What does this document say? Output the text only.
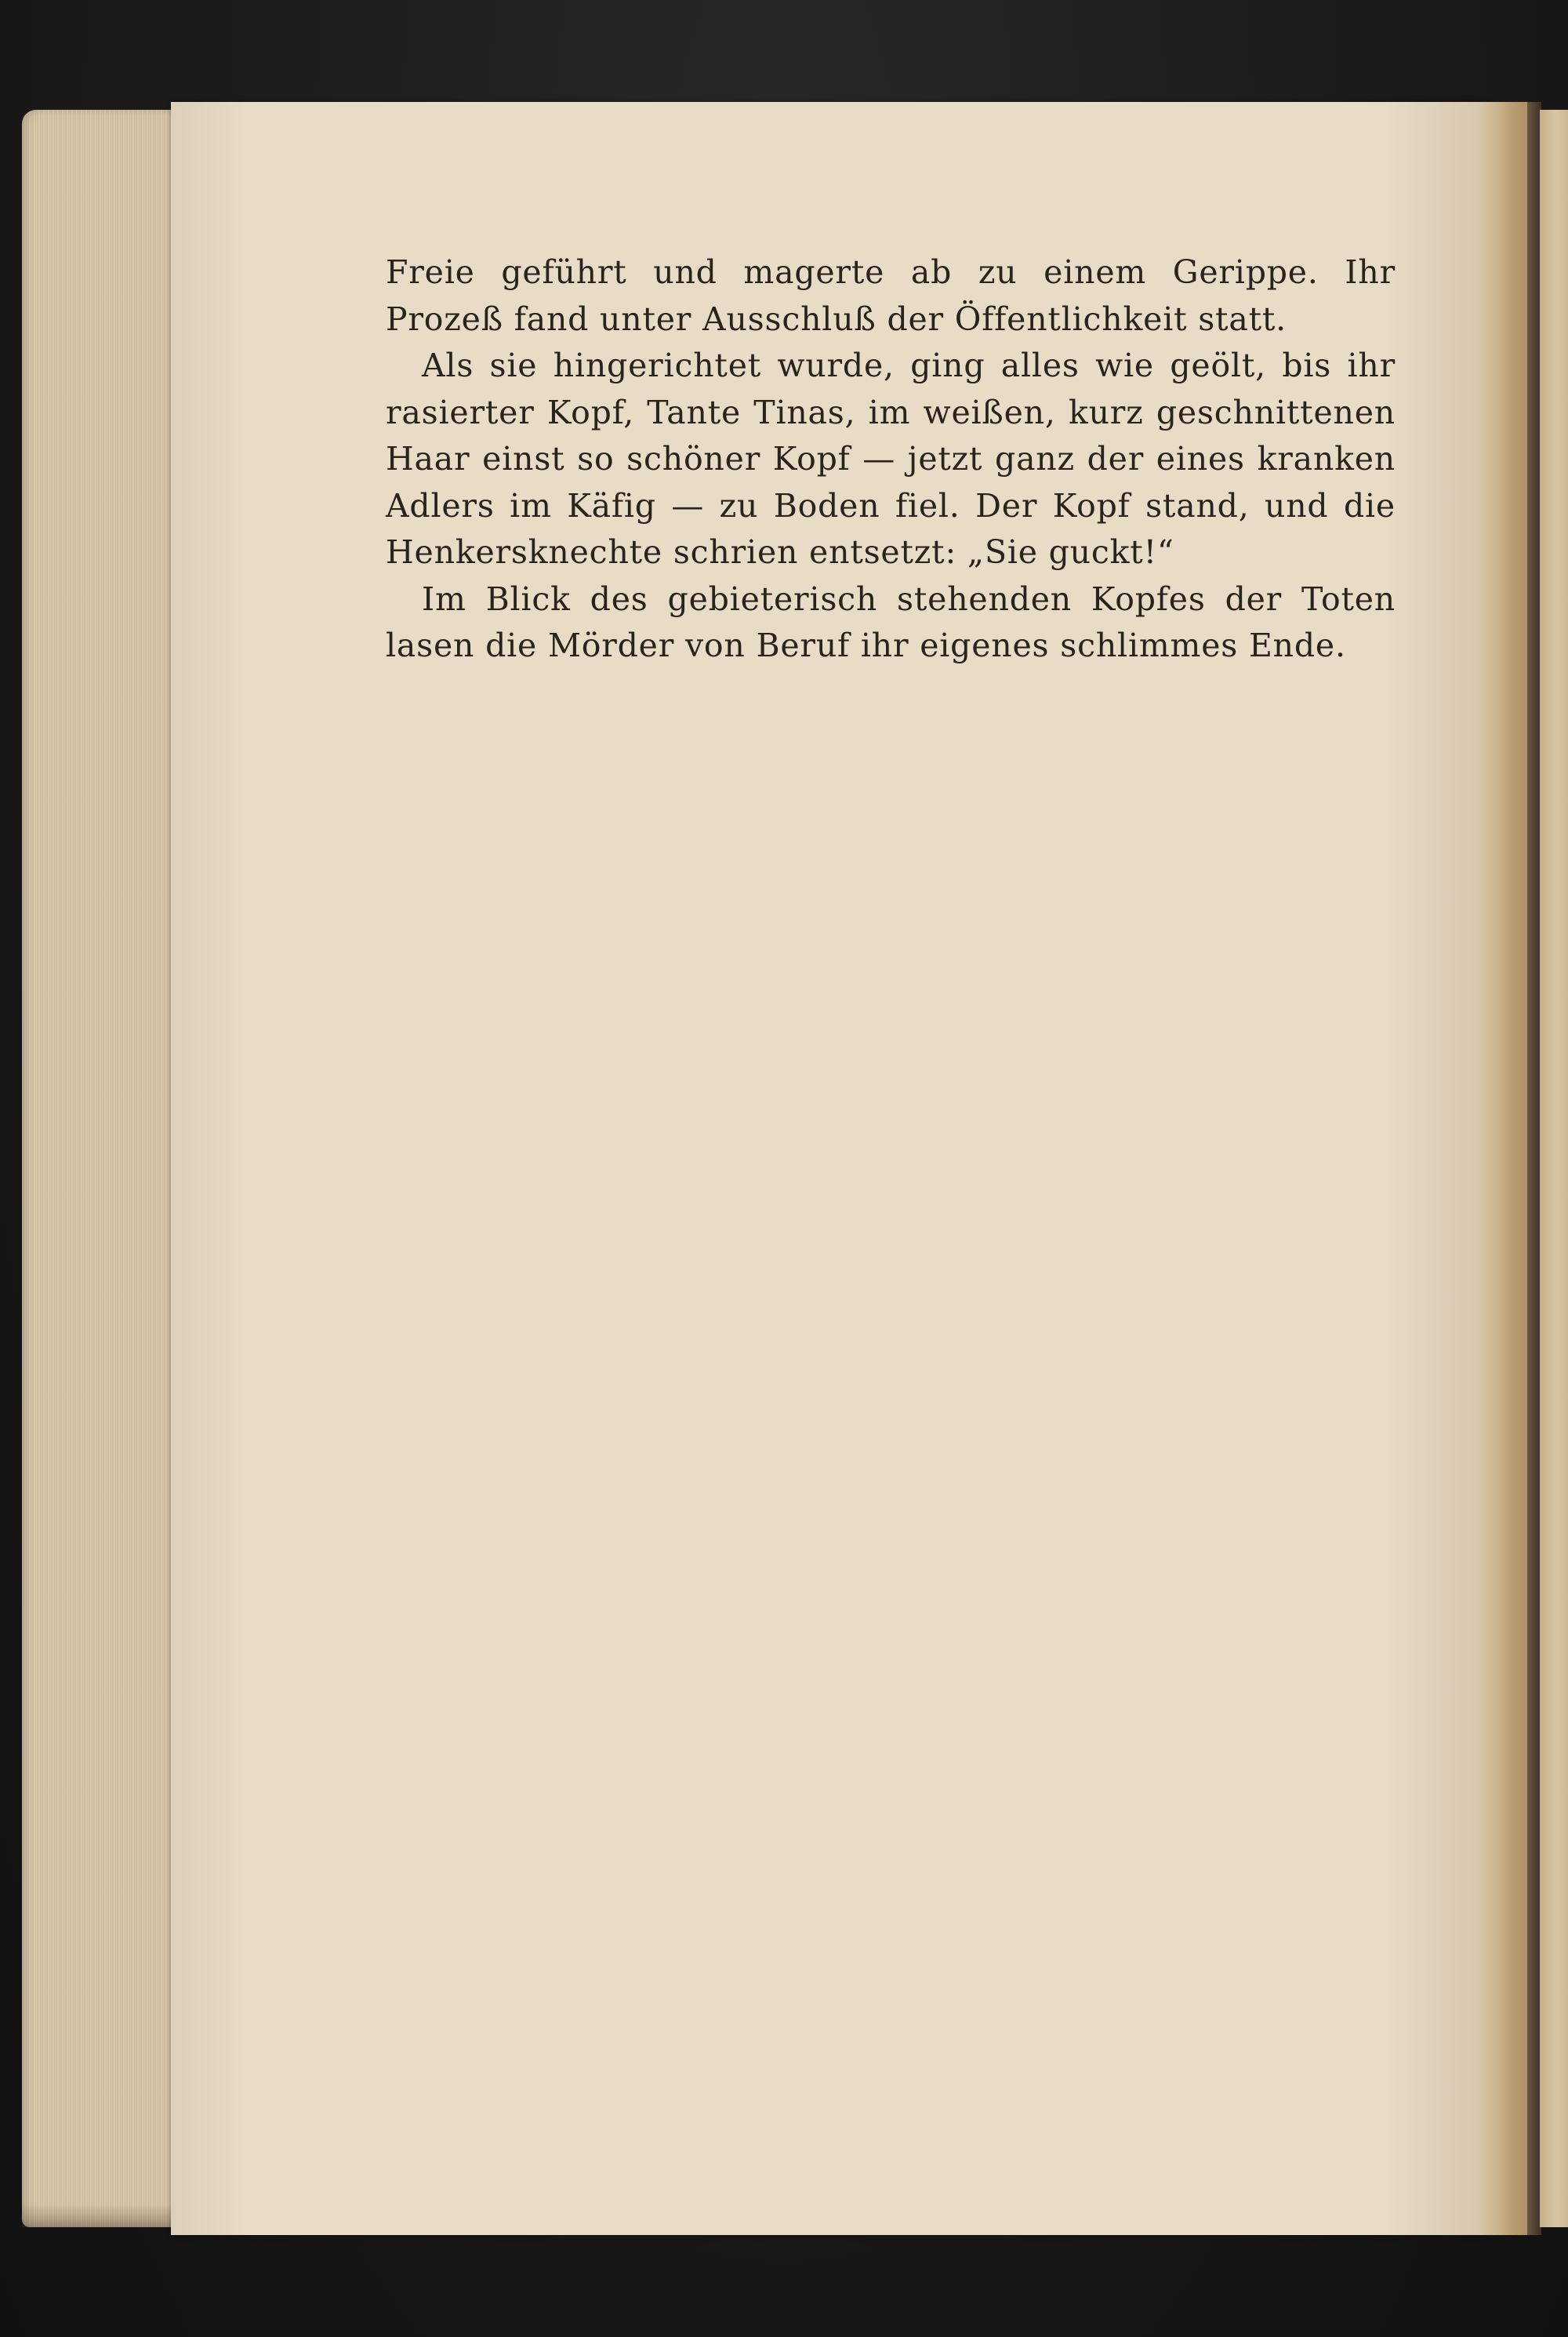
Freie geführt und magerte ab zu einem Gerippe. Ihr Prozeß fand unter Ausschluß der Öffentlichkeit statt.

Als sie hingerichtet wurde, ging alles wie geölt, bis ihr rasierter Kopf, Tante Tinas, im weißen, kurz geschnittenen Haar einst so schöner Kopf — jetzt ganz der eines kranken Adlers im Käfig — zu Boden fiel. Der Kopf stand, und die Henkersknechte schrien entsetzt: „Sie guckt!“

Im Blick des gebieterisch stehenden Kopfes der Toten lasen die Mörder von Beruf ihr eigenes schlimmes Ende.
